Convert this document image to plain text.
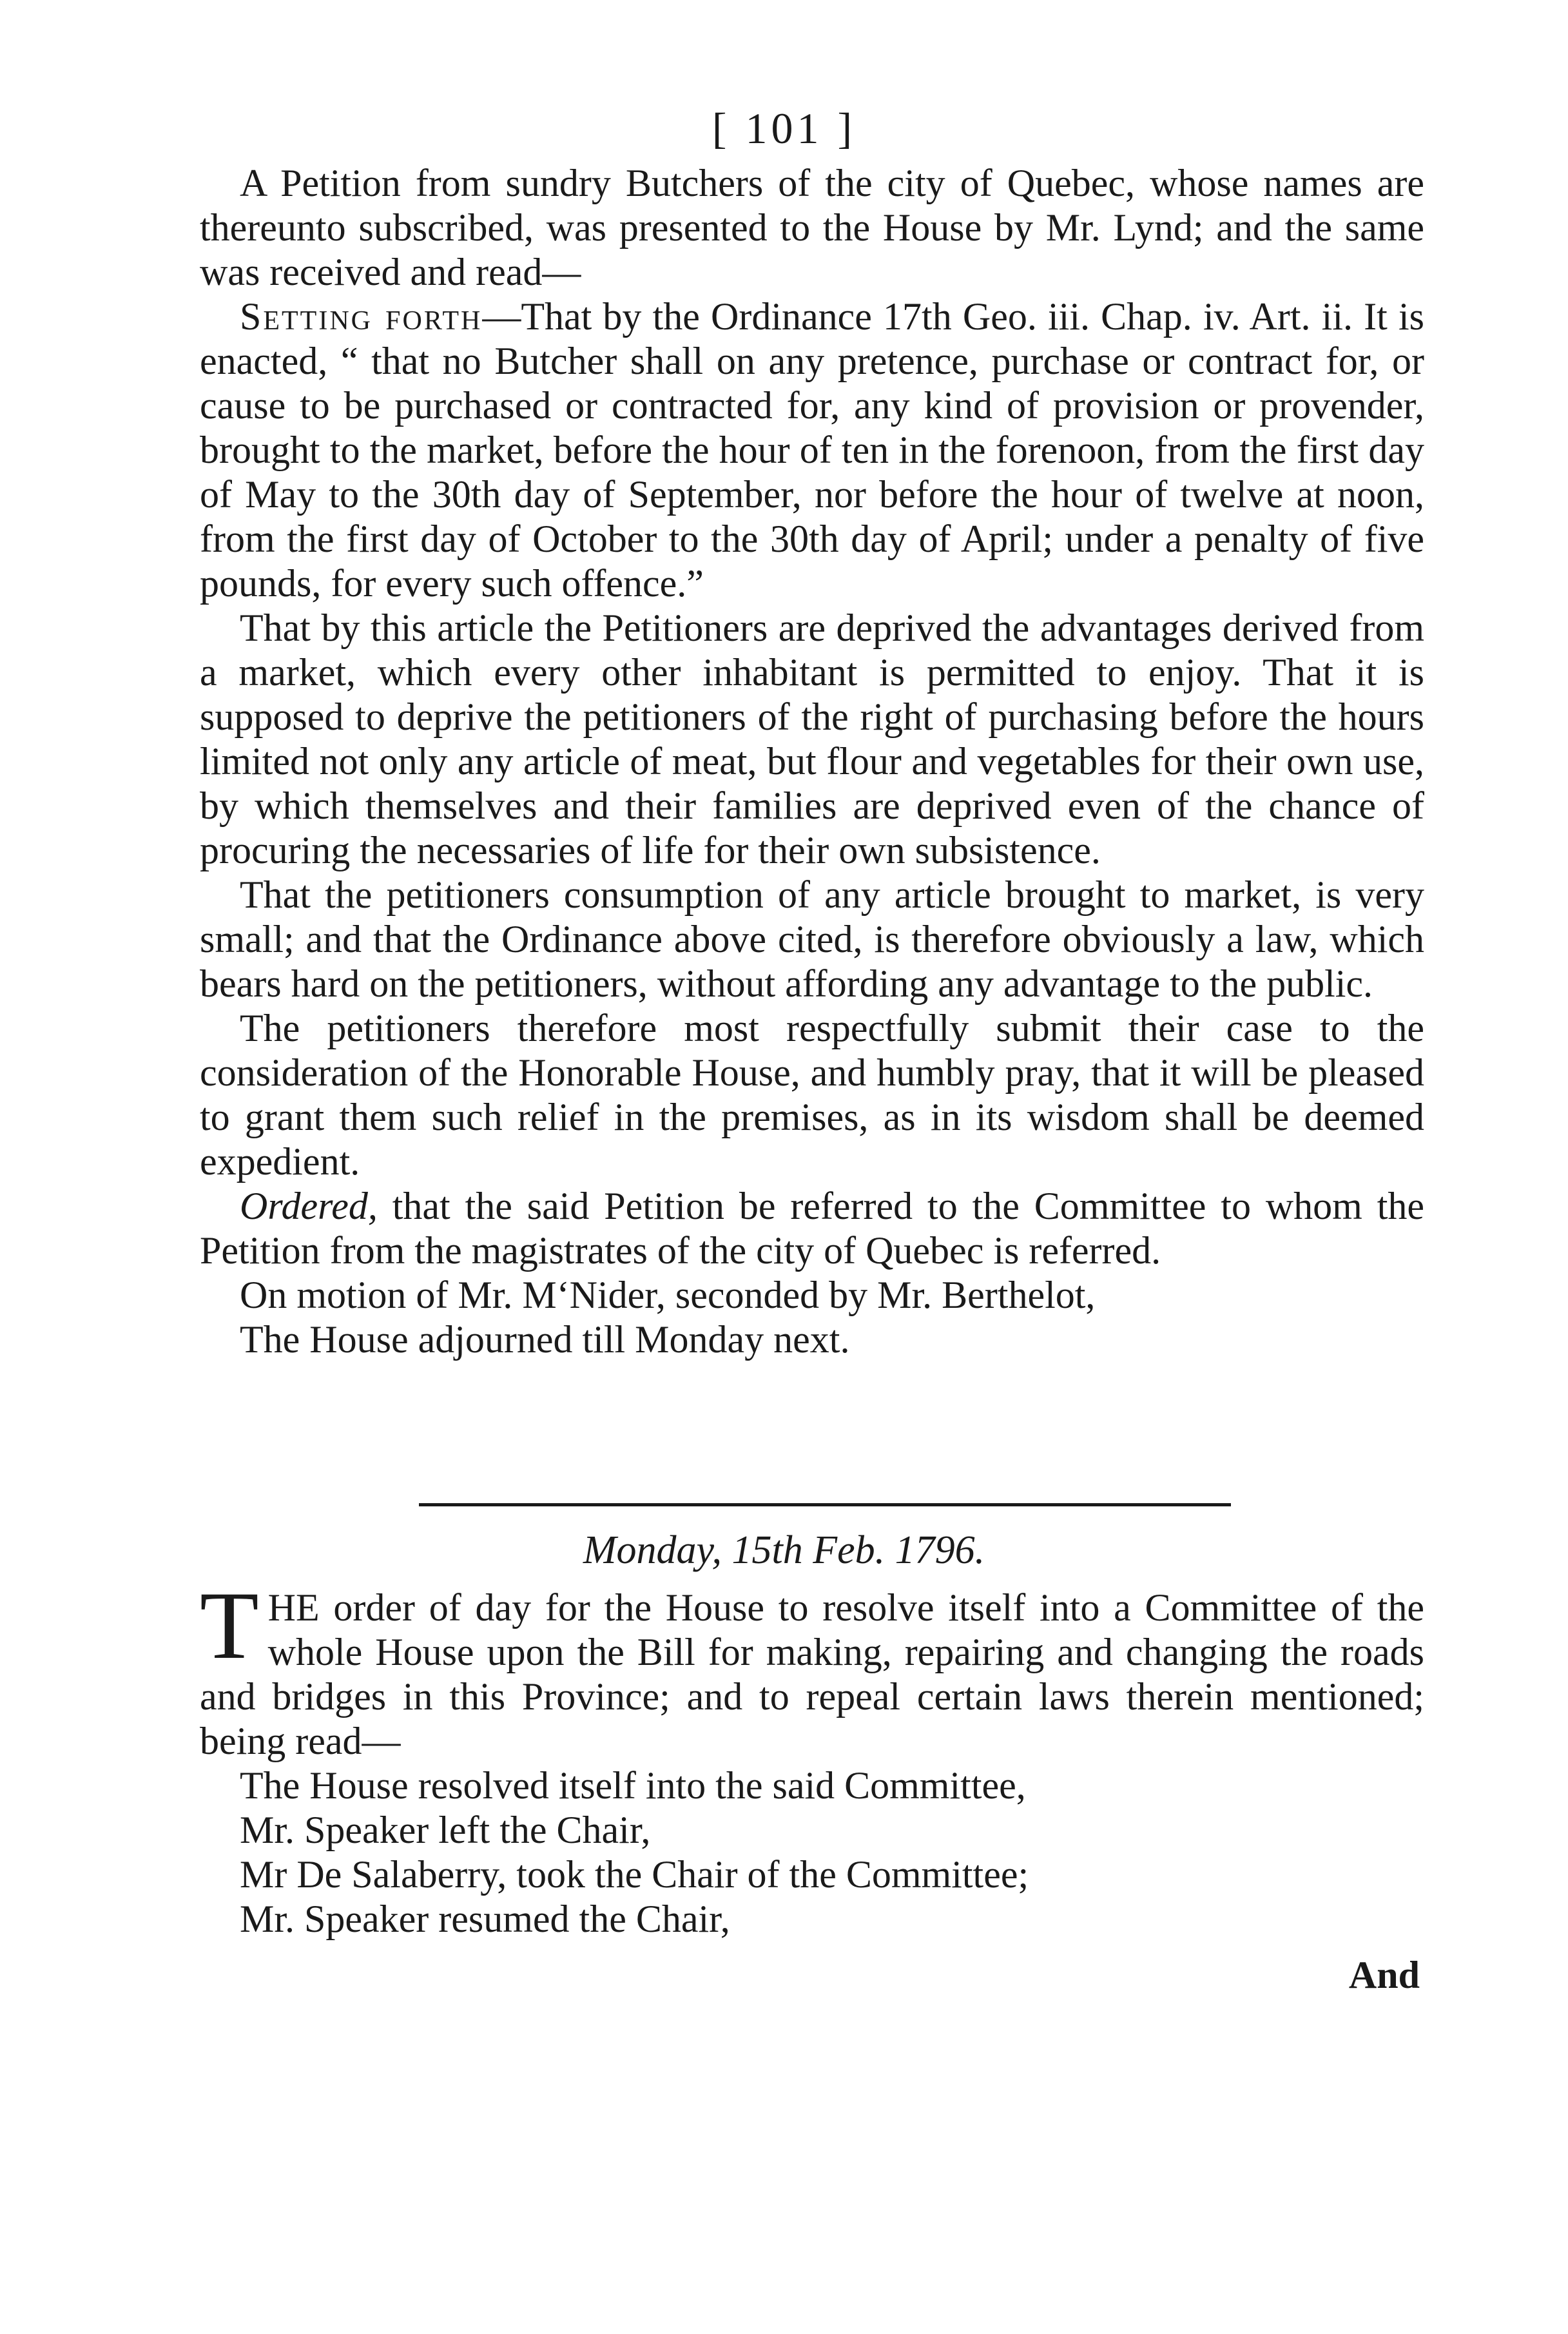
[ 101 ]

A Petition from sundry Butchers of the city of Quebec, whose names are thereunto subscribed, was presented to the House by Mr. Lynd; and the same was received and read—

Setting forth—That by the Ordinance 17th Geo. iii. Chap. iv. Art. ii. It is enacted, “ that no Butcher shall on any pretence, purchase or contract for, or cause to be purchased or contracted for, any kind of provision or provender, brought to the market, before the hour of ten in the forenoon, from the first day of May to the 30th day of September, nor before the hour of twelve at noon, from the first day of October to the 30th day of April; under a penalty of five pounds, for every such offence.”

That by this article the Petitioners are deprived the advantages derived from a market, which every other inhabitant is permitted to enjoy. That it is supposed to deprive the petitioners of the right of purchasing before the hours limited not only any article of meat, but flour and vegetables for their own use, by which themselves and their families are deprived even of the chance of procuring the necessaries of life for their own subsistence.

That the petitioners consumption of any article brought to market, is very small; and that the Ordinance above cited, is therefore obviously a law, which bears hard on the petitioners, without affording any advantage to the public.

The petitioners therefore most respectfully submit their case to the consideration of the Honorable House, and humbly pray, that it will be pleased to grant them such relief in the premises, as in its wisdom shall be deemed expedient.

Ordered, that the said Petition be referred to the Committee to whom the Petition from the magistrates of the city of Quebec is referred.

On motion of Mr. M‘Nider, seconded by Mr. Berthelot,

The House adjourned till Monday next.

Monday, 15th Feb. 1796.

THE order of day for the House to resolve itself into a Committee of the whole House upon the Bill for making, repairing and changing the roads and bridges in this Province; and to repeal certain laws therein mentioned; being read—

The House resolved itself into the said Committee,

Mr. Speaker left the Chair,

Mr De Salaberry, took the Chair of the Committee;

Mr. Speaker resumed the Chair,

And
